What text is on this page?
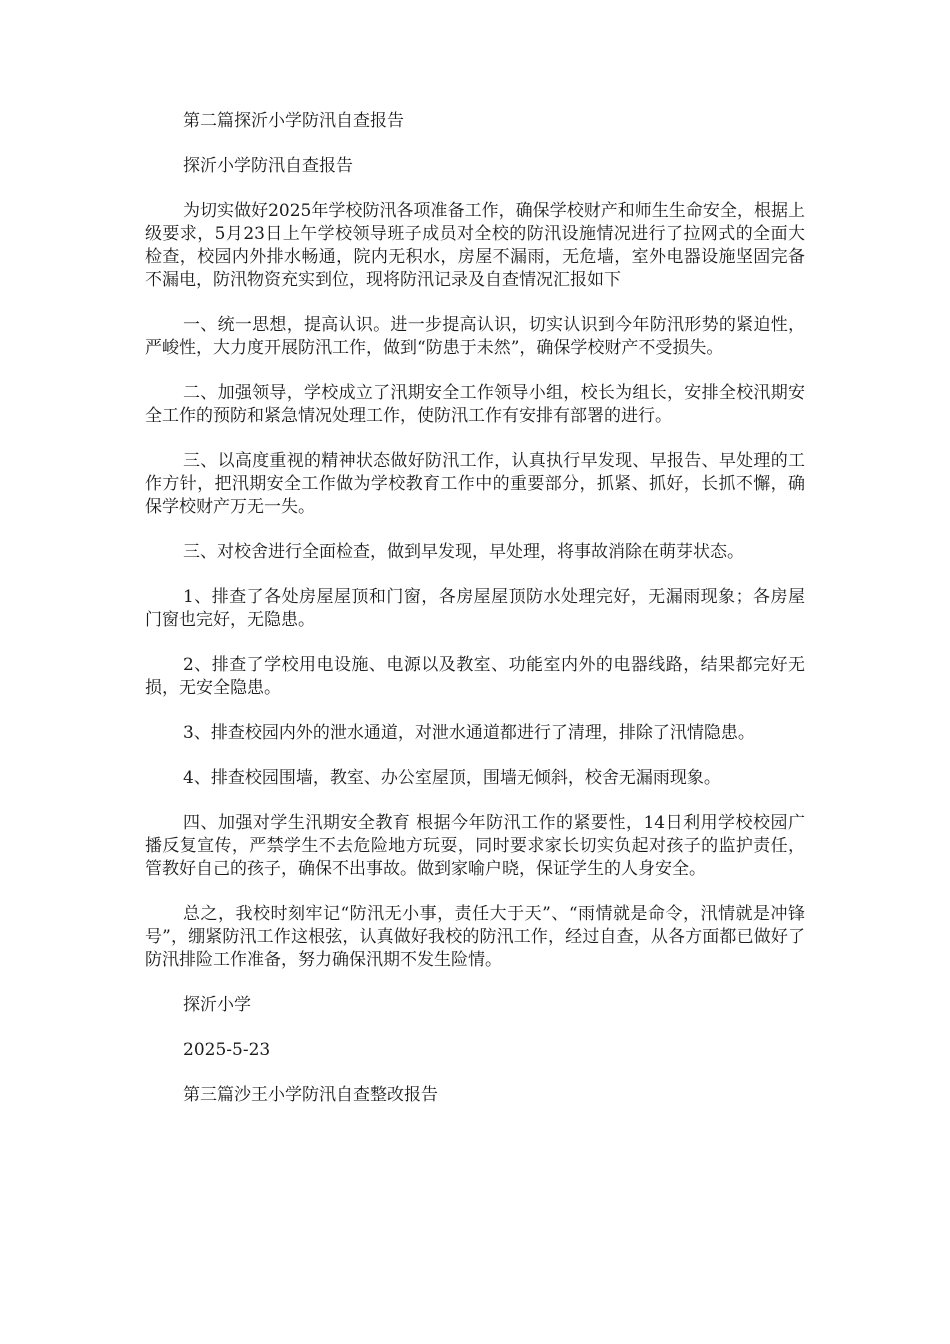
第二篇探沂小学防汛自查报告

探沂小学防汛自查报告

为切实做好2025年学校防汛各项准备工作，确保学校财产和师生生命安全，根据上级要求，5月23日上午学校领导班子成员对全校的防汛设施情况进行了拉网式的全面大检查，校园内外排水畅通，院内无积水，房屋不漏雨，无危墙，室外电器设施坚固完备不漏电，防汛物资充实到位，现将防汛记录及自查情况汇报如下

一、统一思想，提高认识。进一步提高认识，切实认识到今年防汛形势的紧迫性，严峻性，大力度开展防汛工作，做到“防患于未然”，确保学校财产不受损失。

二、加强领导，学校成立了汛期安全工作领导小组，校长为组长，安排全校汛期安全工作的预防和紧急情况处理工作，使防汛工作有安排有部署的进行。

三、以高度重视的精神状态做好防汛工作，认真执行早发现、早报告、早处理的工作方针，把汛期安全工作做为学校教育工作中的重要部分，抓紧、抓好，长抓不懈，确保学校财产万无一失。

三、对校舍进行全面检查，做到早发现，早处理，将事故消除在萌芽状态。

1、排查了各处房屋屋顶和门窗，各房屋屋顶防水处理完好，无漏雨现象；各房屋门窗也完好，无隐患。

2、排查了学校用电设施、电源以及教室、功能室内外的电器线路，结果都完好无损，无安全隐患。

3、排查校园内外的泄水通道，对泄水通道都进行了清理，排除了汛情隐患。

4、排查校园围墙，教室、办公室屋顶，围墙无倾斜，校舍无漏雨现象。

四、加强对学生汛期安全教育 根据今年防汛工作的紧要性，14日利用学校校园广播反复宣传，严禁学生不去危险地方玩耍，同时要求家长切实负起对孩子的监护责任，管教好自己的孩子，确保不出事故。做到家喻户晓，保证学生的人身安全。

总之，我校时刻牢记“防汛无小事，责任大于天”、“雨情就是命令，汛情就是冲锋号”，绷紧防汛工作这根弦，认真做好我校的防汛工作，经过自查，从各方面都已做好了防汛排险工作准备，努力确保汛期不发生险情。

探沂小学

2025-5-23

第三篇沙王小学防汛自查整改报告
